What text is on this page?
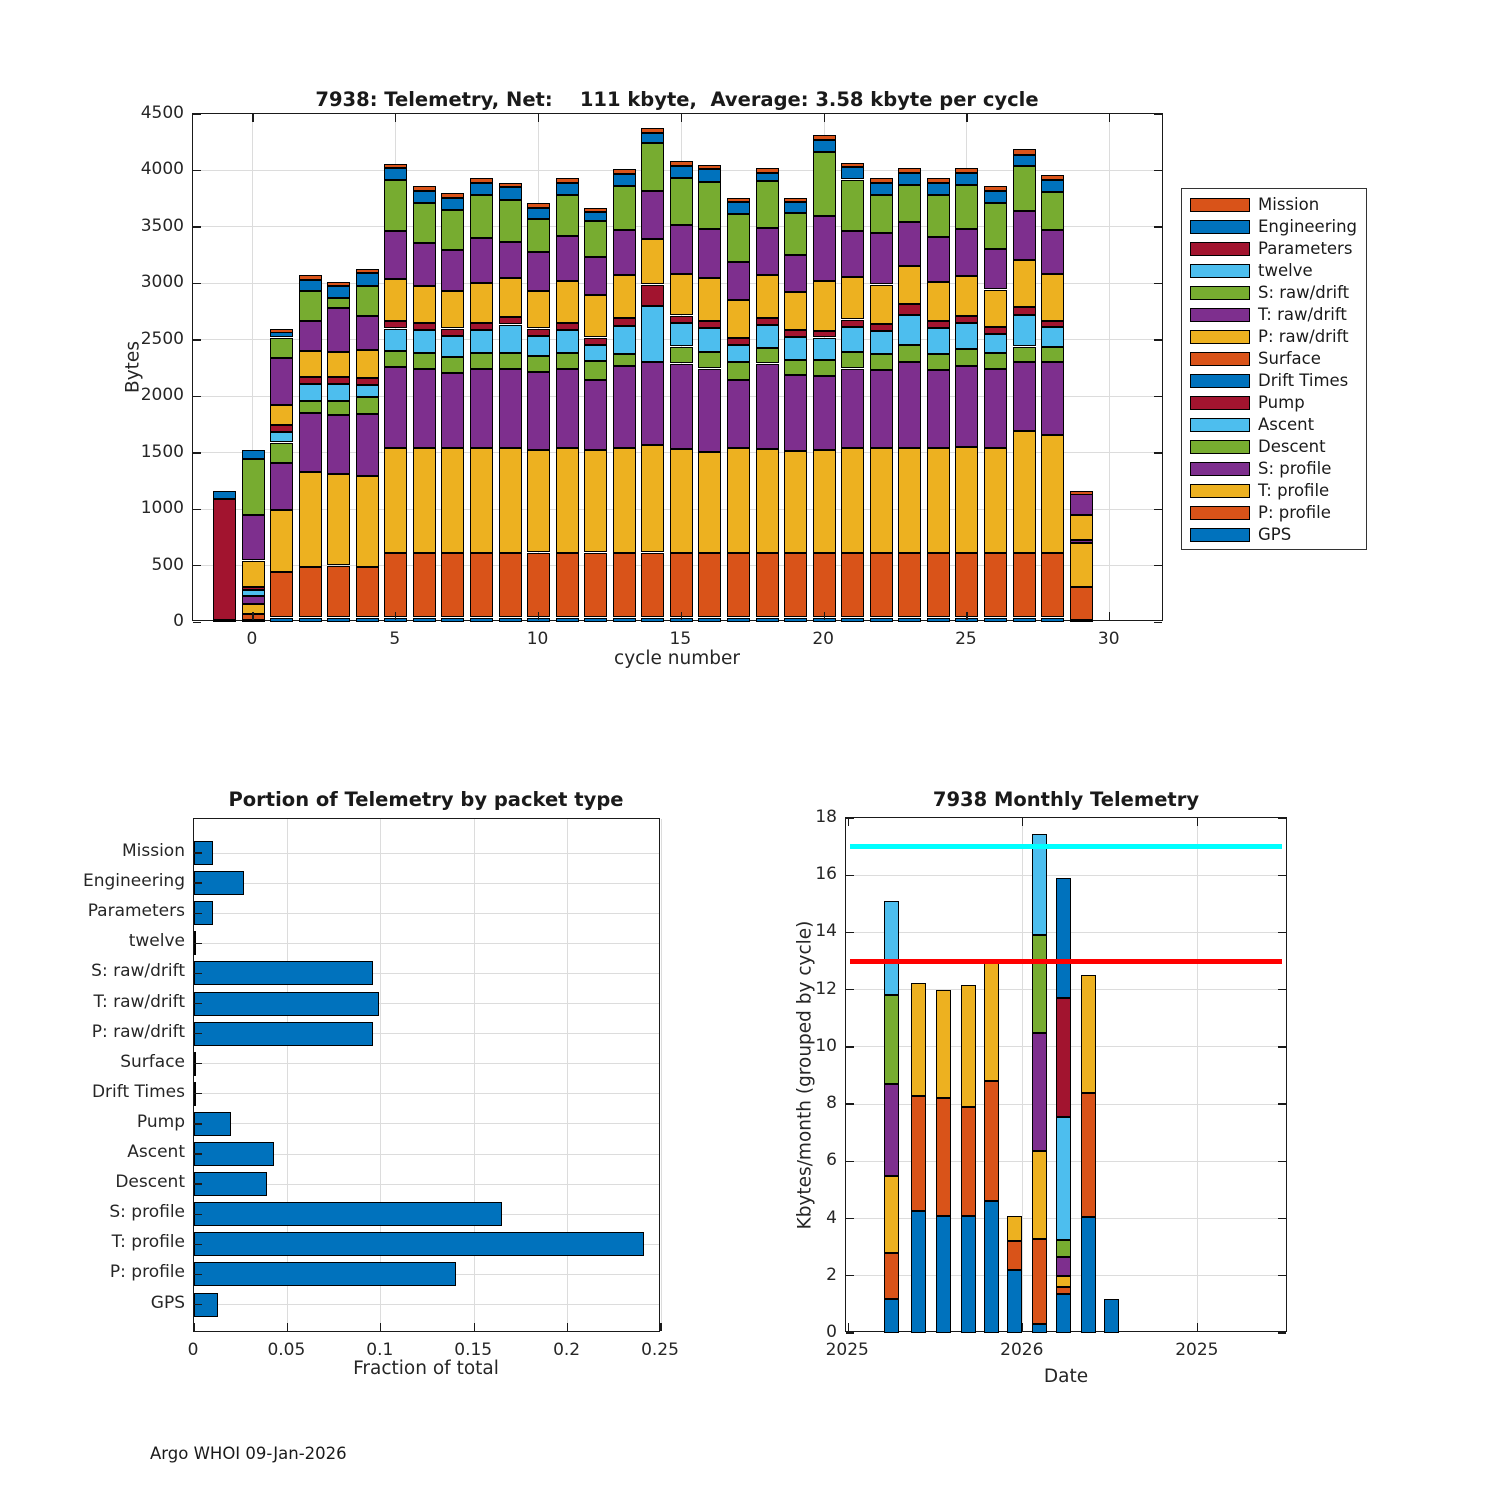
7938: Telemetry, Net:    111 kbyte,  Average: 3.58 kbyte per cycle
Bytes
cycle number
0
500
1000
1500
2000
2500
3000
3500
4000
4500
0	5	10	15	20	25	30
Mission
Engineering
Parameters
twelve
S: raw/drift
T: raw/drift
P: raw/drift
Surface
Drift Times
Pump
Ascent
Descent
S: profile
T: profile
P: profile
GPS
Portion of Telemetry by packet type
Fraction of total
Mission
Engineering
Parameters
twelve
S: raw/drift
T: raw/drift
P: raw/drift
Surface
Drift Times
Pump
Ascent
Descent
S: profile
T: profile
P: profile
GPS
0	0.05	0.1	0.15	0.2	0.25
7938 Monthly Telemetry
Kbytes/month (grouped by cycle)
Date
0
2
4
6
8
10
12
14
16
18
2025	2026	2025
Argo WHOI 09-Jan-2026
